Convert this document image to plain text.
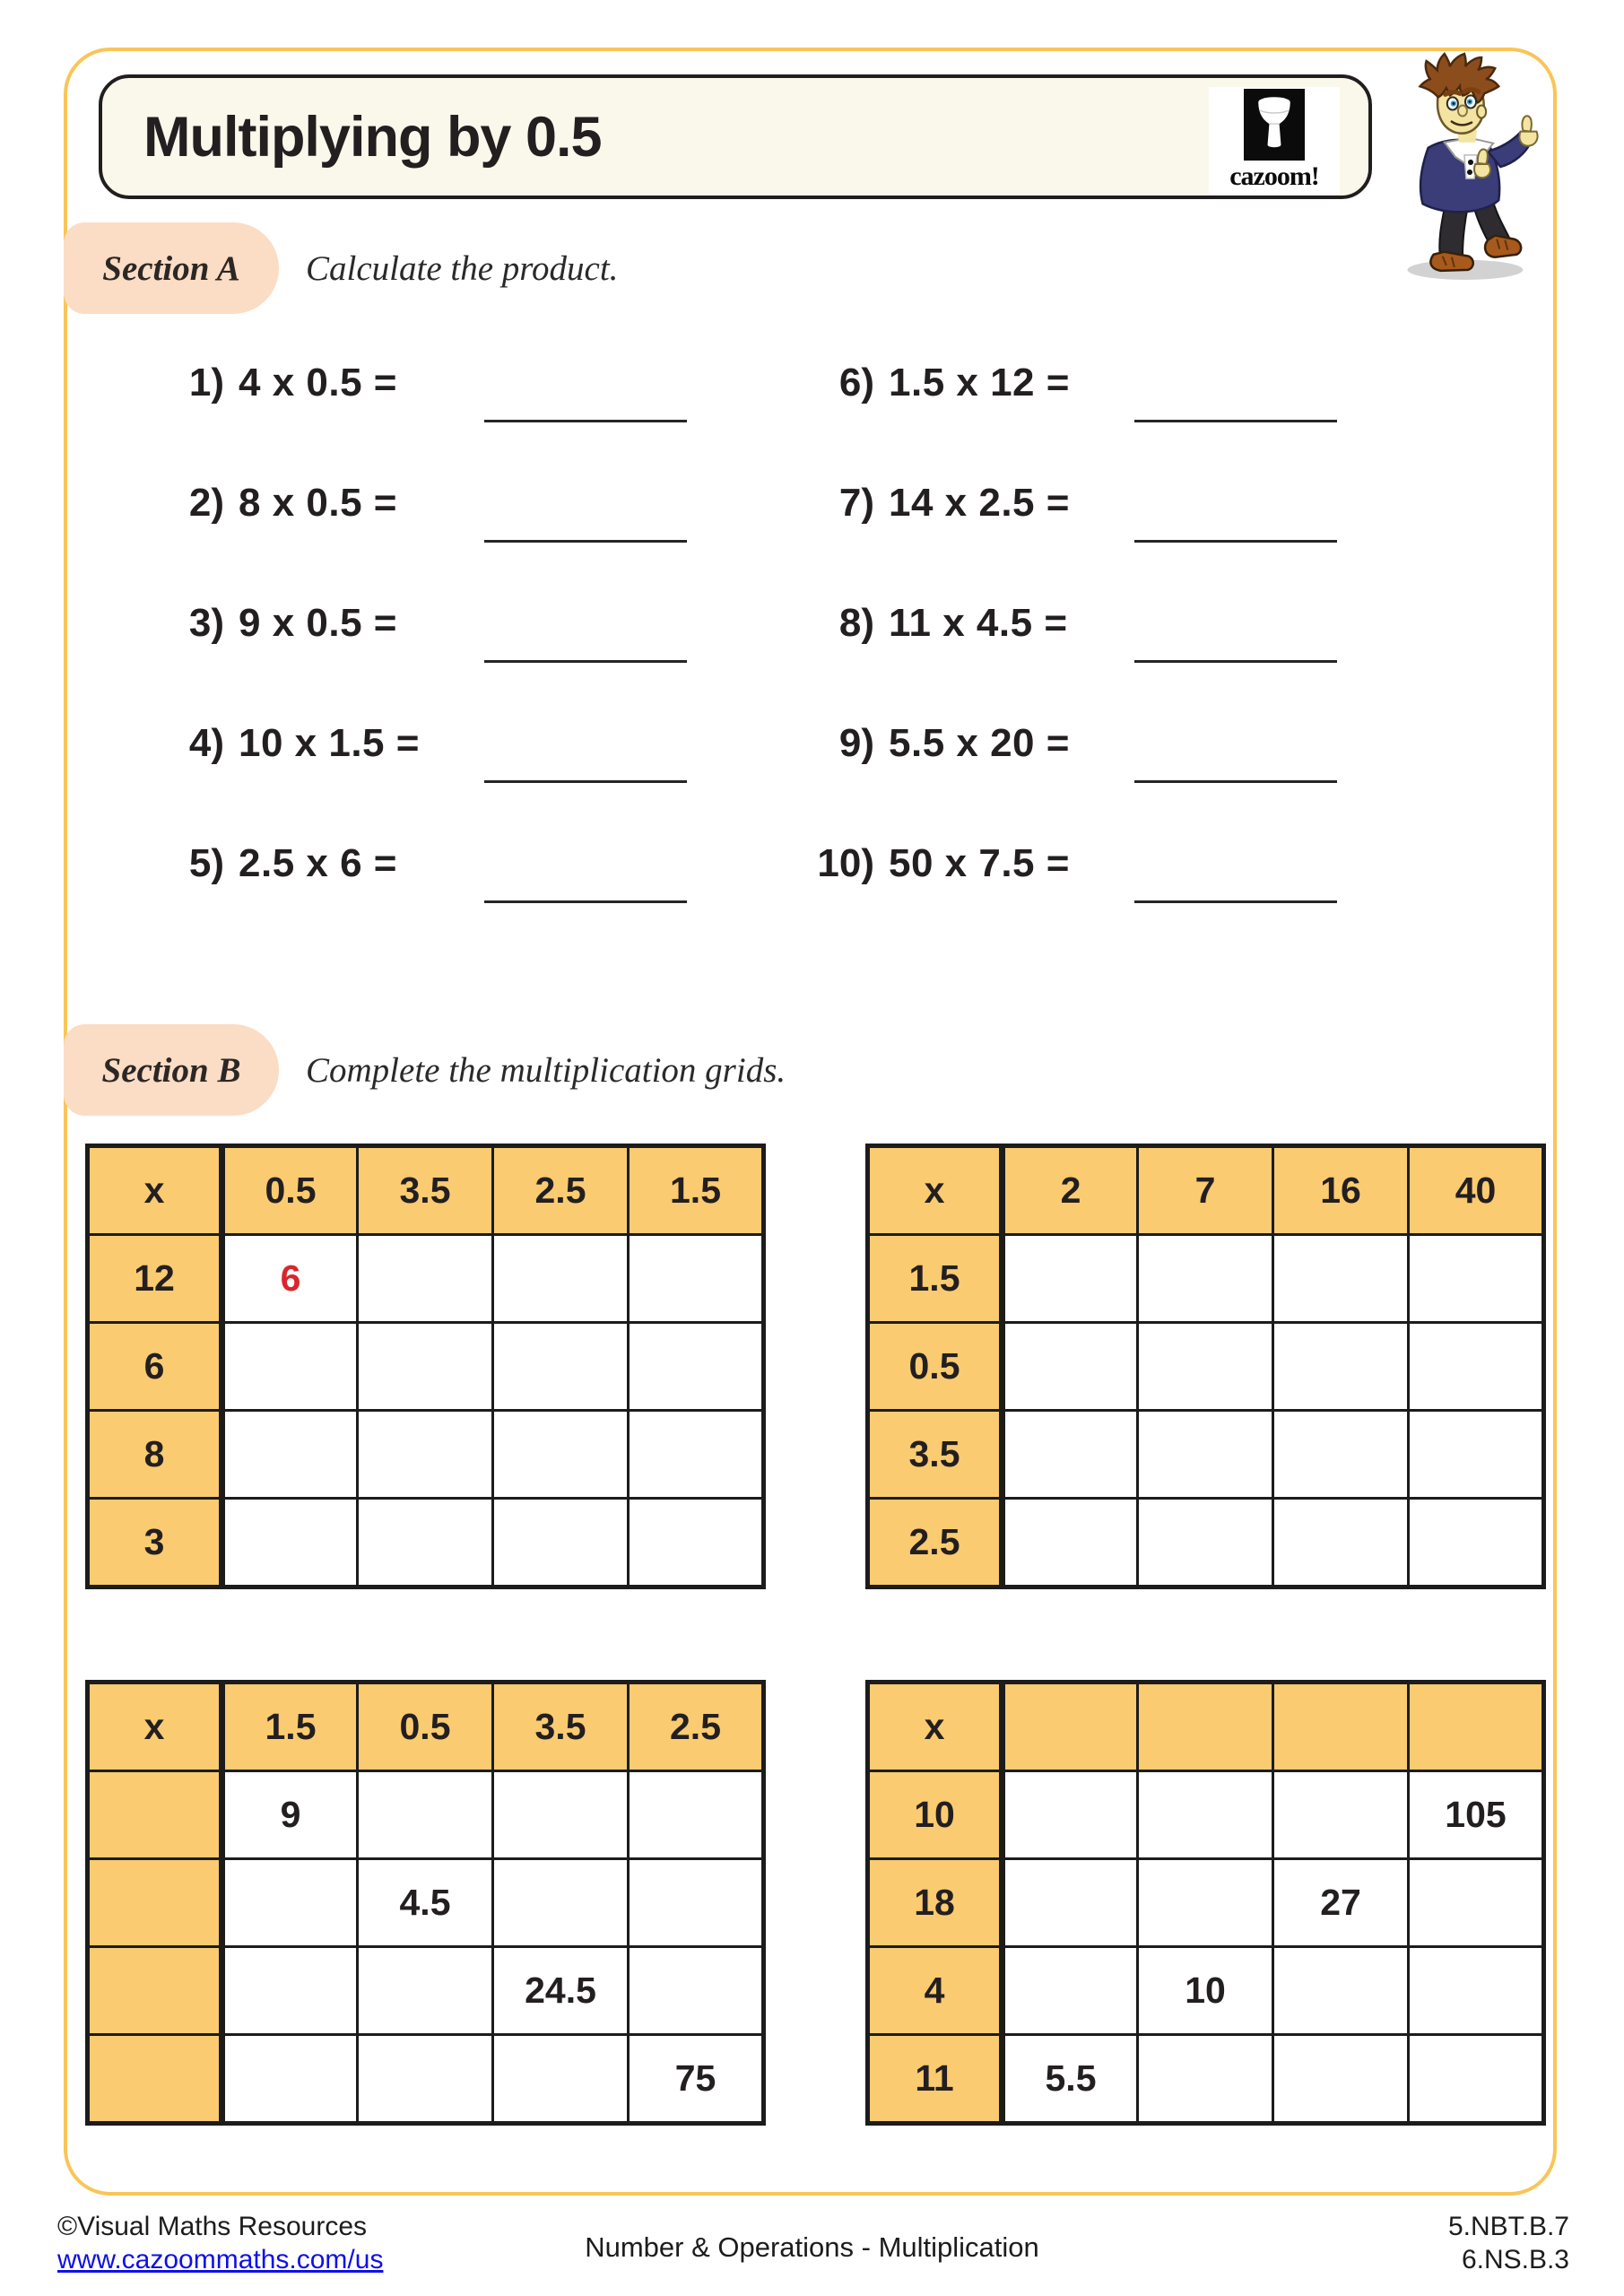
Multiplying by 0.5
cazoom!
Section A Calculate the product.
1) 4 x 0.5 =
2) 8 x 0.5 =
3) 9 x 0.5 =
4) 10 x 1.5 =
5) 2.5 x 6 =
6) 1.5 x 12 =
7) 14 x 2.5 =
8) 11 x 4.5 =
9) 5.5 x 20 =
10) 50 x 7.5 =
Section B Complete the multiplication grids.
x	0.5	3.5	2.5	1.5
12	6			
6				
8				
3				
x	2	7	16	40
1.5				
0.5				
3.5				
2.5				
x	1.5	0.5	3.5	2.5
	9			
		4.5		
			24.5	
				75
x				
10				105
18			27	
4		10		
11	5.5			
©Visual Maths Resources
www.cazoommaths.com/us	Number & Operations - Multiplication
5.NBT.B.7
6.NS.B.3
